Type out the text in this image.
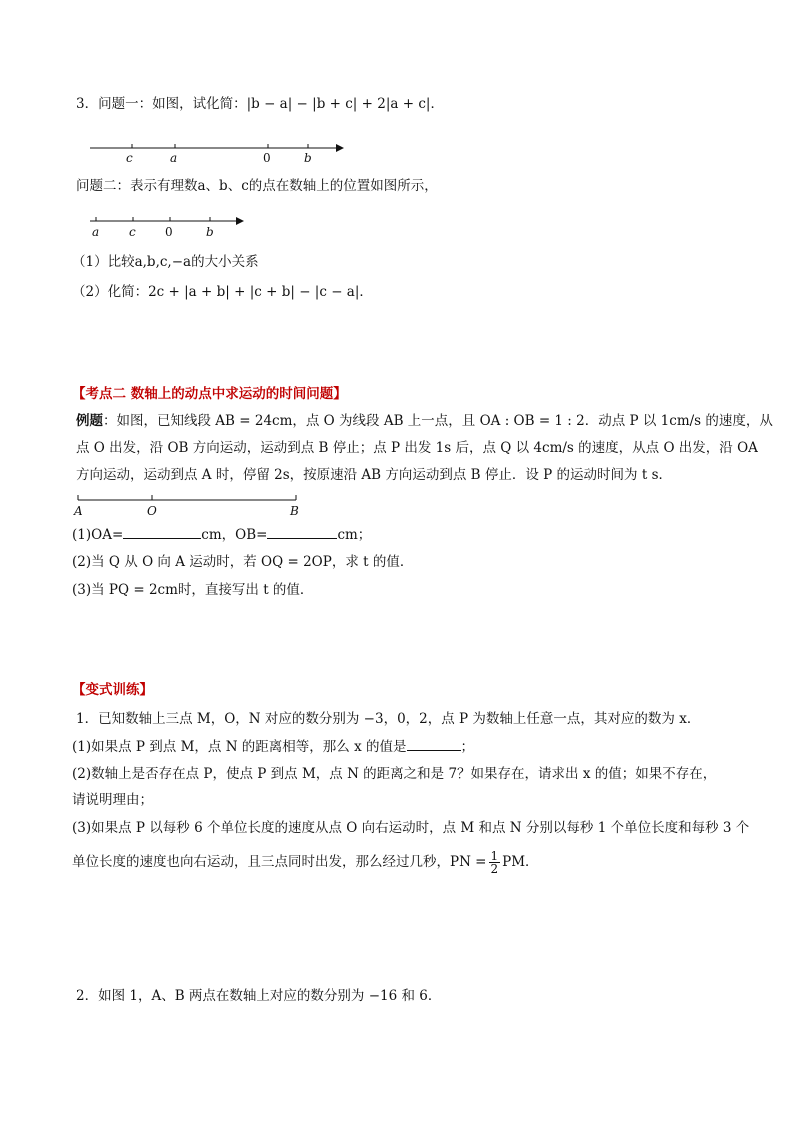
3．问题一：如图，试化简：|b − a| − |b + c| + 2|a + c|．
c	a	0	b
问题二：表示有理数a、b、c的点在数轴上的位置如图所示，
a c 0	b
（1）比较a,b,c,−a的大小关系
（2）化简：2c + |a + b| + |c + b| − |c − a|．
【考点二 数轴上的动点中求运动的时间问题】
例题：如图，已知线段 AB = 24cm，点 O 为线段 AB 上一点，且 OA : OB = 1 : 2．动点 P 以 1cm/s 的速度，从
点 O 出发，沿 OB 方向运动，运动到点 B 停止；点 P 出发 1s 后，点 Q 以 4cm/s 的速度，从点 O 出发，沿 OA
方向运动，运动到点 A 时，停留 2s，按原速沿 AB 方向运动到点 B 停止．设 P 的运动时间为 t s．
A	O	B
(1)OA=	cm，OB=	cm；
(2)当 Q 从 O 向 A 运动时，若 OQ = 2OP，求 t 的值．
(3)当 PQ = 2cm时，直接写出 t 的值．
【变式训练】
1．已知数轴上三点 M，O，N 对应的数分别为 −3，0，2，点 P 为数轴上任意一点，其对应的数为 x．
(1)如果点 P 到点 M，点 N 的距离相等，那么 x 的值是	；
(2)数轴上是否存在点 P，使点 P 到点 M，点 N 的距离之和是 7？如果存在，请求出 x 的值；如果不存在，
请说明理由；
(3)如果点 P 以每秒 6 个单位长度的速度从点 O 向右运动时，点 M 和点 N 分别以每秒 1 个单位长度和每秒 3 个
单位长度的速度也向右运动，且三点同时出发，那么经过几秒，PN = $\frac{1}{2}$ PM．
2．如图 1，A、B 两点在数轴上对应的数分别为 −16 和 6．
